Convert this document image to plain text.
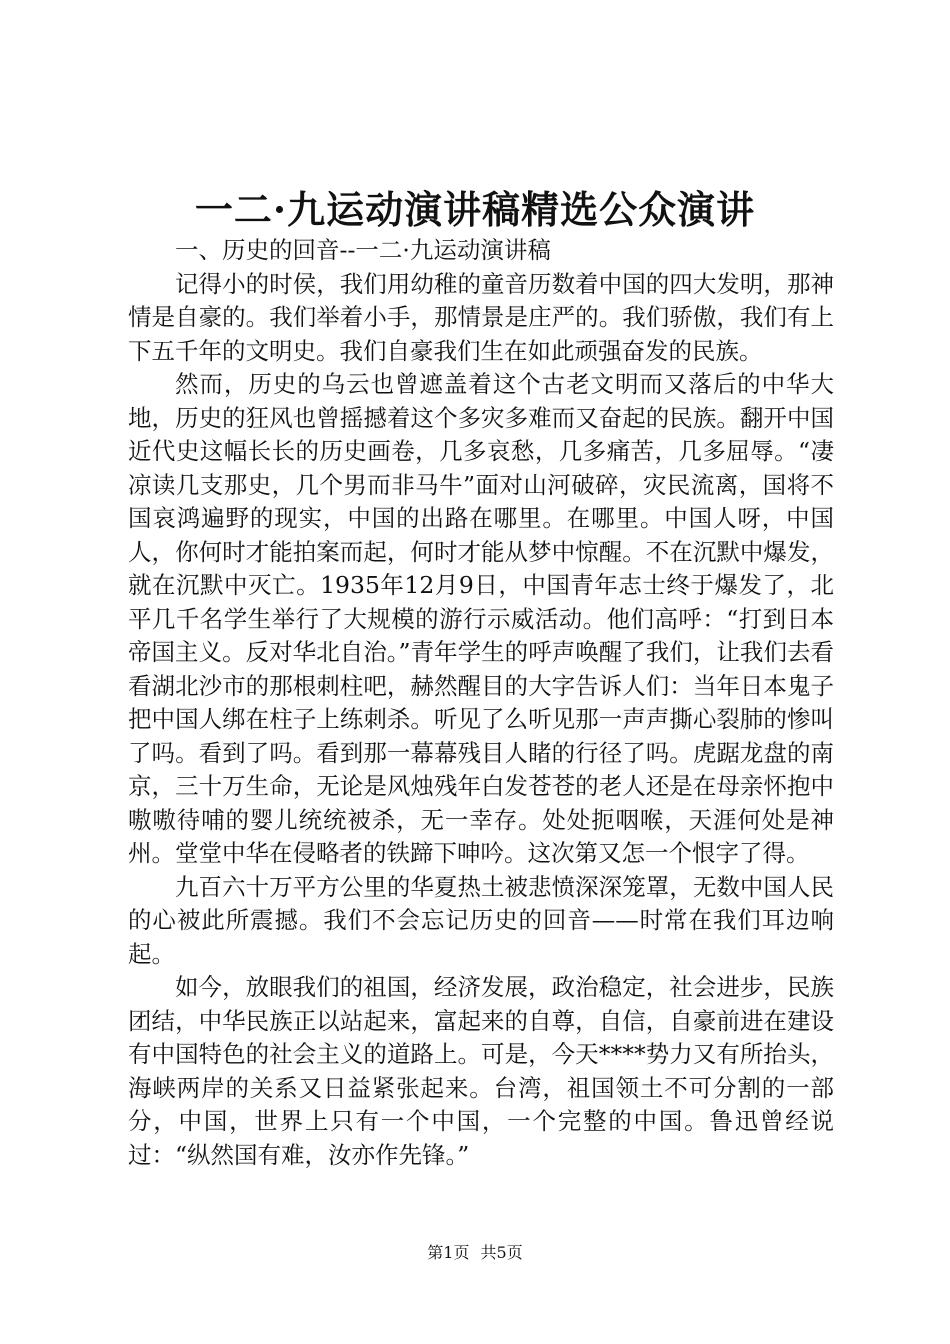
一二·九运动演讲稿精选公众演讲

一、历史的回音--一二·九运动演讲稿

记得小的时侯，我们用幼稚的童音历数着中国的四大发明，那神情是自豪的。我们举着小手，那情景是庄严的。我们骄傲，我们有上下五千年的文明史。我们自豪我们生在如此顽强奋发的民族。

然而，历史的乌云也曾遮盖着这个古老文明而又落后的中华大地，历史的狂风也曾摇撼着这个多灾多难而又奋起的民族。翻开中国近代史这幅长长的历史画卷，几多哀愁，几多痛苦，几多屈辱。“凄凉读几支那史，几个男而非马牛”面对山河破碎，灾民流离，国将不国哀鸿遍野的现实，中国的出路在哪里。在哪里。中国人呀，中国人，你何时才能拍案而起，何时才能从梦中惊醒。不在沉默中爆发，就在沉默中灭亡。1935年12月9日，中国青年志士终于爆发了，北平几千名学生举行了大规模的游行示威活动。他们高呼：“打到日本帝国主义。反对华北自治。”青年学生的呼声唤醒了我们，让我们去看看湖北沙市的那根刺柱吧，赫然醒目的大字告诉人们：当年日本鬼子把中国人绑在柱子上练刺杀。听见了么听见那一声声撕心裂肺的惨叫了吗。看到了吗。看到那一幕幕残目人睹的行径了吗。虎踞龙盘的南京，三十万生命，无论是风烛残年白发苍苍的老人还是在母亲怀抱中嗷嗷待哺的婴儿统统被杀，无一幸存。处处扼咽喉，天涯何处是神州。堂堂中华在侵略者的铁蹄下呻吟。这次第又怎一个恨字了得。

九百六十万平方公里的华夏热土被悲愤深深笼罩，无数中国人民的心被此所震撼。我们不会忘记历史的回音——时常在我们耳边响起。

如今，放眼我们的祖国，经济发展，政治稳定，社会进步，民族团结，中华民族正以站起来，富起来的自尊，自信，自豪前进在建设有中国特色的社会主义的道路上。可是，今天****势力又有所抬头，海峡两岸的关系又日益紧张起来。台湾，祖国领土不可分割的一部分，中国，世界上只有一个中国，一个完整的中国。鲁迅曾经说过：“纵然国有难，汝亦作先锋。”

第1页 共5页
